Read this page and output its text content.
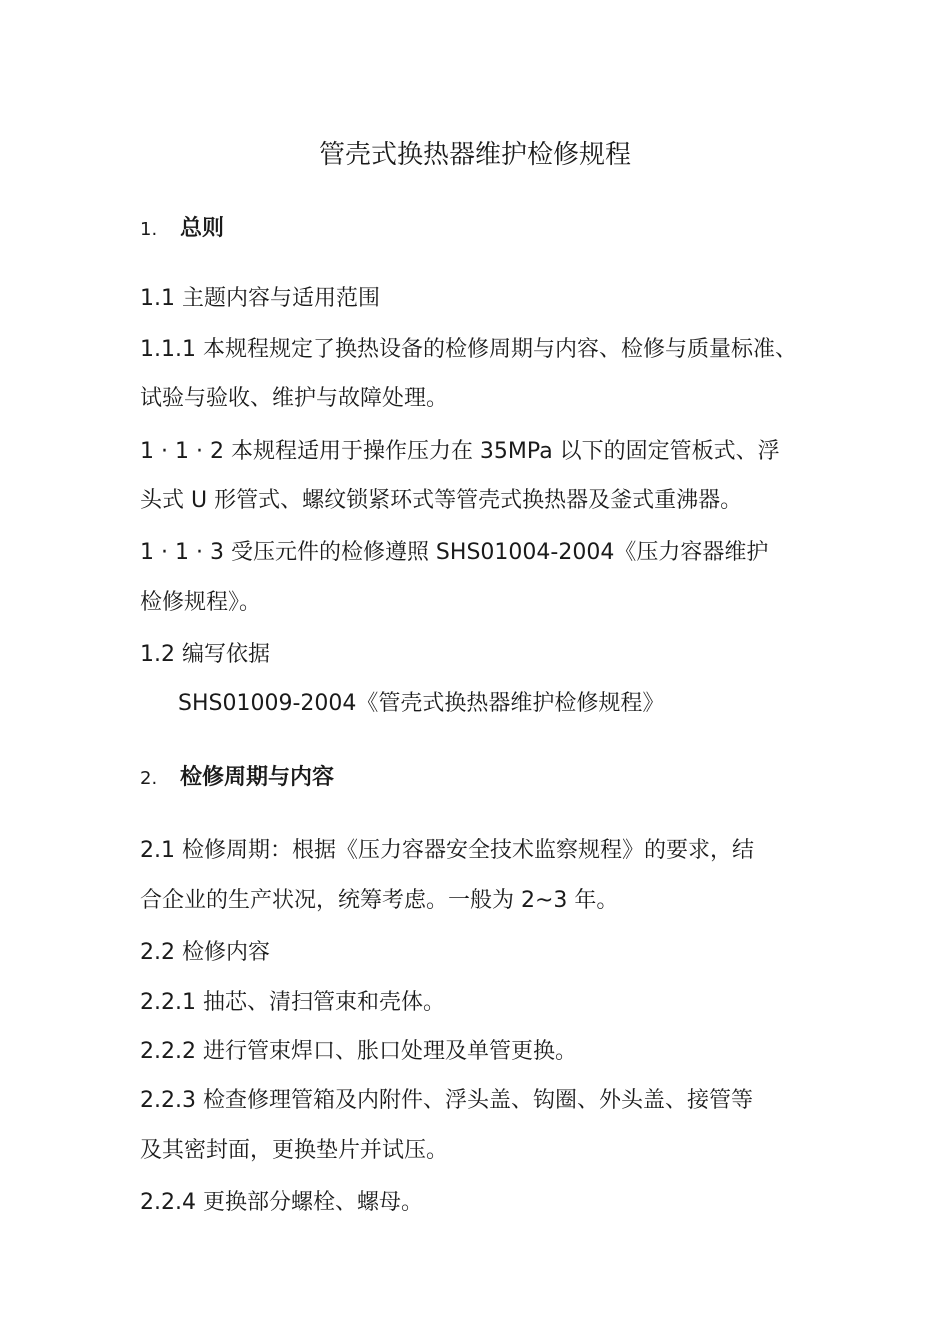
管壳式换热器维护检修规程
1. 总则
1.1 主题内容与适用范围
1.1.1 本规程规定了换热设备的检修周期与内容、检修与质量标准、
试验与验收、维护与故障处理。
1 · 1 · 2 本规程适用于操作压力在 35MPa 以下的固定管板式、浮
头式 U 形管式、螺纹锁紧环式等管壳式换热器及釜式重沸器。
1 · 1 · 3 受压元件的检修遵照 SHS01004-2004《压力容器维护
检修规程》。
1.2 编写依据
SHS01009-2004《管壳式换热器维护检修规程》
2. 检修周期与内容
2.1 检修周期：根据《压力容器安全技术监察规程》的要求，结
合企业的生产状况，统筹考虑。一般为 2~3 年。
2.2 检修内容
2.2.1 抽芯、清扫管束和壳体。
2.2.2 进行管束焊口、胀口处理及单管更换。
2.2.3 检查修理管箱及内附件、浮头盖、钩圈、外头盖、接管等
及其密封面，更换垫片并试压。
2.2.4 更换部分螺栓、螺母。
